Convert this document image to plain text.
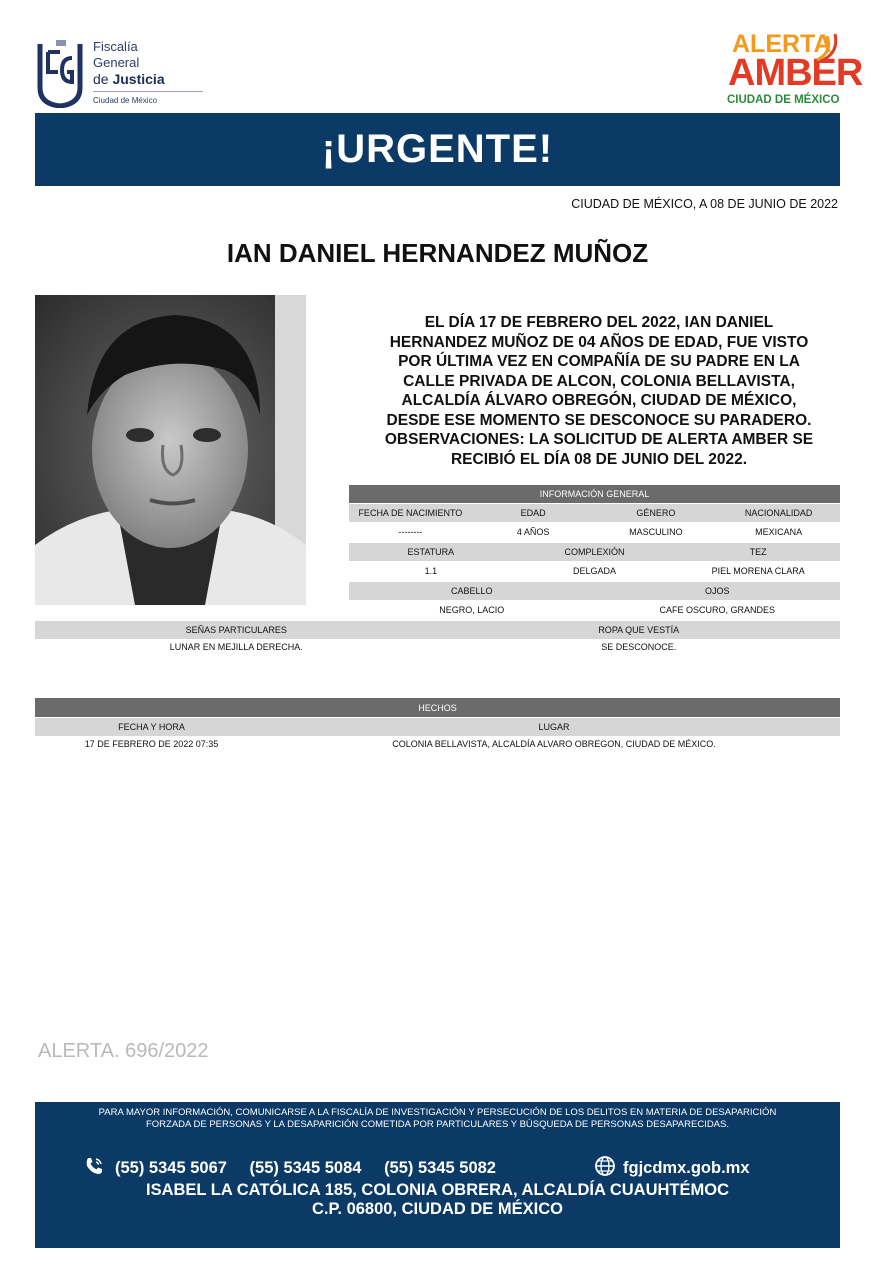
Fiscalía
General
de Justicia
Ciudad de México
ALERTA
AMBER
CIUDAD DE MÉXICO
¡URGENTE!
CIUDAD DE MÉXICO, A 08 DE JUNIO DE 2022
IAN DANIEL HERNANDEZ MUÑOZ
EL DÍA 17 DE FEBRERO DEL 2022, IAN DANIEL
HERNANDEZ MUÑOZ DE 04 AÑOS DE EDAD, FUE VISTO
POR ÚLTIMA VEZ EN COMPAÑÍA DE SU PADRE EN LA
CALLE PRIVADA DE ALCON, COLONIA BELLAVISTA,
ALCALDÍA ÁLVARO OBREGÓN, CIUDAD DE MÉXICO,
DESDE ESE MOMENTO SE DESCONOCE SU PARADERO.
OBSERVACIONES: LA SOLICITUD DE ALERTA AMBER SE
RECIBIÓ EL DÍA 08 DE JUNIO DEL 2022.
INFORMACIÓN GENERAL
FECHA DE NACIMIENTO	EDAD	GÉNERO	NACIONALIDAD
--------	4 AÑOS	MASCULINO	MEXICANA
ESTATURA	COMPLEXIÓN	TEZ
1.1	DELGADA	PIEL MORENA CLARA
CABELLO	OJOS
NEGRO, LACIO	CAFE OSCURO, GRANDES
SEÑAS PARTICULARES	ROPA QUE VESTÍA
LUNAR EN MEJILLA DERECHA.	SE DESCONOCE.
HECHOS
FECHA Y HORA	LUGAR
17 DE FEBRERO DE 2022 07:35	COLONIA BELLAVISTA, ALCALDÍA ALVARO OBREGON, CIUDAD DE MÉXICO.
ALERTA. 696/2022
PARA MAYOR INFORMACIÓN, COMUNICARSE A LA FISCALÍA DE INVESTIGACIÓN Y PERSECUCIÓN DE LOS DELITOS EN MATERIA DE DESAPARICIÓN
FORZADA DE PERSONAS Y LA DESAPARICIÓN COMETIDA POR PARTICULARES Y BÚSQUEDA DE PERSONAS DESAPARECIDAS.
(55) 5345 5067 (55) 5345 5084 (55) 5345 5082	fgjcdmx.gob.mx
ISABEL LA CATÓLICA 185, COLONIA OBRERA, ALCALDÍA CUAUHTÉMOC
C.P. 06800, CIUDAD DE MÉXICO
